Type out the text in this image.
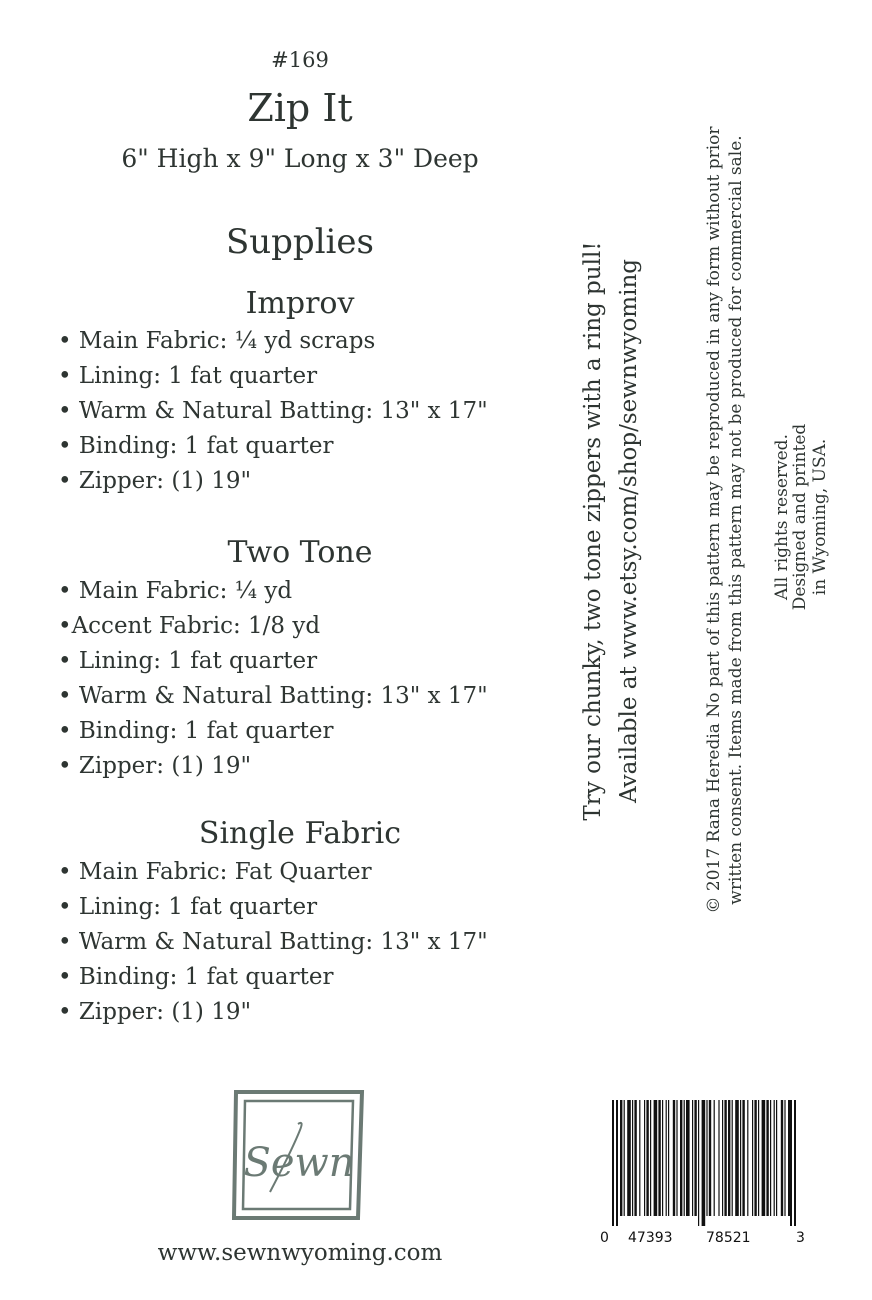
#169
Zip It
6" High x 9" Long x 3" Deep
Supplies
Improv
• Main Fabric: ¼ yd scraps
• Lining: 1 fat quarter
• Warm & Natural Batting: 13" x 17"
• Binding: 1 fat quarter
• Zipper: (1) 19"
Two Tone
• Main Fabric: ¼ yd
•Accent Fabric: 1/8 yd
• Lining: 1 fat quarter
• Warm & Natural Batting: 13" x 17"
• Binding: 1 fat quarter
• Zipper: (1) 19"
Single Fabric
• Main Fabric: Fat Quarter
• Lining: 1 fat quarter
• Warm & Natural Batting: 13" x 17"
• Binding: 1 fat quarter
• Zipper: (1) 19"
Try our chunky, two tone zippers with a ring pull! Available at www.etsy.com/shop/sewnwyoming	© 2017 Rana Heredia No part of this pattern may be reproduced in any form without prior written consent. Items made from this pattern may not be produced for commercial sale. All rights reserved.
Designed and printed in Wyoming, USA.
Sewn
www.sewnwyoming.com
0 47393 78521	3
